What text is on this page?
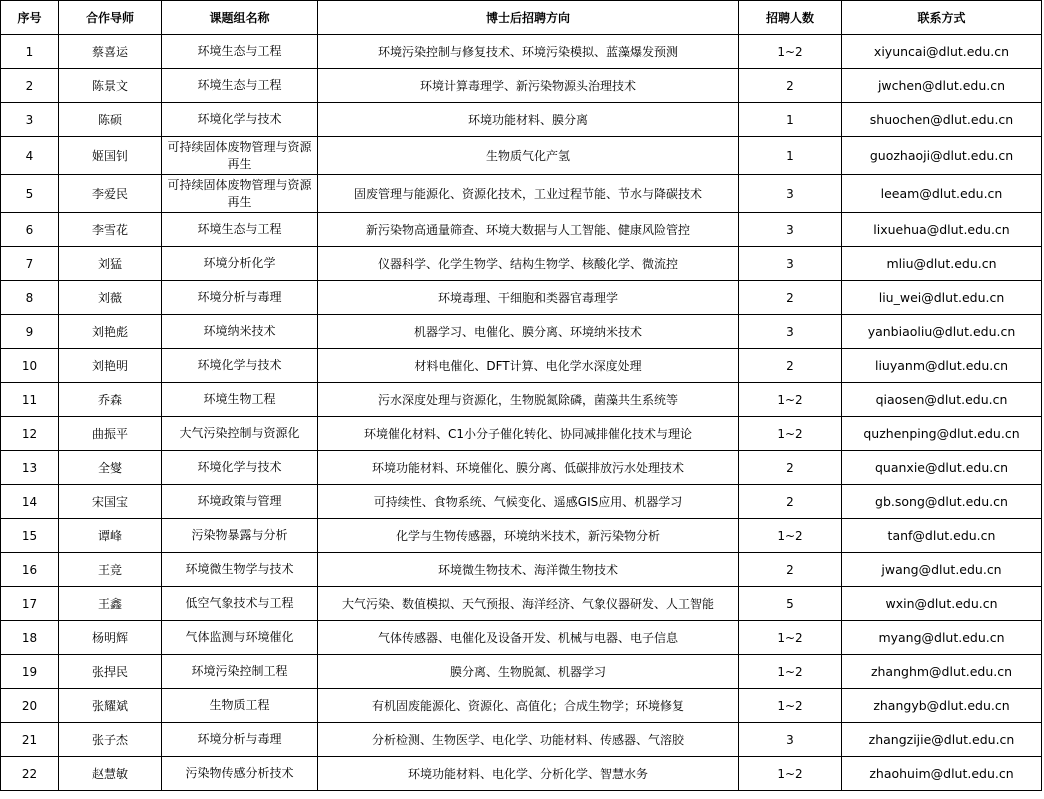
序号	合作导师	课题组名称	博士后招聘方向	招聘人数	联系方式
1	蔡喜运	环境生态与工程	环境污染控制与修复技术、环境污染模拟、蓝藻爆发预测	1~2	xiyuncai@dlut.edu.cn
2	陈景文	环境生态与工程	环境计算毒理学、新污染物源头治理技术	2	jwchen@dlut.edu.cn
3	陈硕	环境化学与技术	环境功能材料、膜分离	1	shuochen@dlut.edu.cn
4	姬国钊	可持续固体废物管理与资源再生	生物质气化产氢	1	guozhaoji@dlut.edu.cn
5	李爱民	可持续固体废物管理与资源再生	固废管理与能源化、资源化技术，工业过程节能、节水与降碳技术	3	leeam@dlut.edu.cn
6	李雪花	环境生态与工程	新污染物高通量筛查、环境大数据与人工智能、健康风险管控	3	lixuehua@dlut.edu.cn
7	刘猛	环境分析化学	仪器科学、化学生物学、结构生物学、核酸化学、微流控	3	mliu@dlut.edu.cn
8	刘薇	环境分析与毒理	环境毒理、干细胞和类器官毒理学	2	liu_wei@dlut.edu.cn
9	刘艳彪	环境纳米技术	机器学习、电催化、膜分离、环境纳米技术	3	yanbiaoliu@dlut.edu.cn
10	刘艳明	环境化学与技术	材料电催化、DFT计算、电化学水深度处理	2	liuyanm@dlut.edu.cn
11	乔森	环境生物工程	污水深度处理与资源化，生物脱氮除磷，菌藻共生系统等	1~2	qiaosen@dlut.edu.cn
12	曲振平	大气污染控制与资源化	环境催化材料、C1小分子催化转化、协同减排催化技术与理论	1~2	quzhenping@dlut.edu.cn
13	全燮	环境化学与技术	环境功能材料、环境催化、膜分离、低碳排放污水处理技术	2	quanxie@dlut.edu.cn
14	宋国宝	环境政策与管理	可持续性、食物系统、气候变化、遥感GIS应用、机器学习	2	gb.song@dlut.edu.cn
15	谭峰	污染物暴露与分析	化学与生物传感器，环境纳米技术，新污染物分析	1~2	tanf@dlut.edu.cn
16	王竞	环境微生物学与技术	环境微生物技术、海洋微生物技术	2	jwang@dlut.edu.cn
17	王鑫	低空气象技术与工程	大气污染、数值模拟、天气预报、海洋经济、气象仪器研发、人工智能	5	wxin@dlut.edu.cn
18	杨明辉	气体监测与环境催化	气体传感器、电催化及设备开发、机械与电器、电子信息	1~2	myang@dlut.edu.cn
19	张捍民	环境污染控制工程	膜分离、生物脱氮、机器学习	1~2	zhanghm@dlut.edu.cn
20	张耀斌	生物质工程	有机固废能源化、资源化、高值化；合成生物学；环境修复	1~2	zhangyb@dlut.edu.cn
21	张子杰	环境分析与毒理	分析检测、生物医学、电化学、功能材料、传感器、气溶胶	3	zhangzijie@dlut.edu.cn
22	赵慧敏	污染物传感分析技术	环境功能材料、电化学、分析化学、智慧水务	1~2	zhaohuim@dlut.edu.cn
